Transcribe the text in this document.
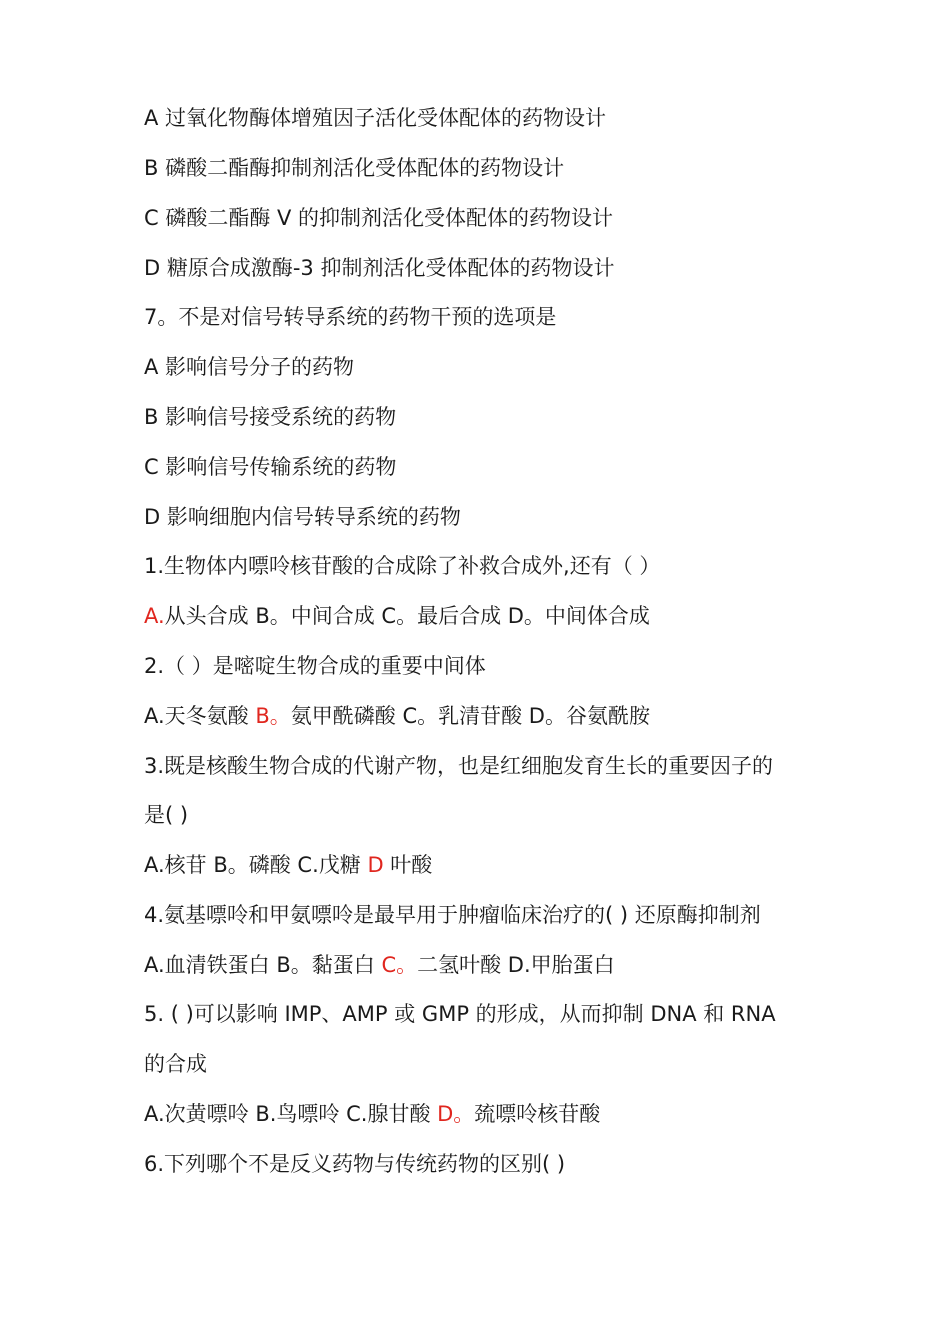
A 过氧化物酶体增殖因子活化受体配体的药物设计
B 磷酸二酯酶抑制剂活化受体配体的药物设计
C 磷酸二酯酶 V 的抑制剂活化受体配体的药物设计
D 糖原合成激酶-3 抑制剂活化受体配体的药物设计
7。不是对信号转导系统的药物干预的选项是
A 影响信号分子的药物
B 影响信号接受系统的药物
C 影响信号传输系统的药物
D 影响细胞内信号转导系统的药物
1.生物体内嘌呤核苷酸的合成除了补救合成外,还有（ ）
A.从头合成 B。中间合成 C。最后合成 D。中间体合成
2.（ ）是嘧啶生物合成的重要中间体
A.天冬氨酸 B。氨甲酰磷酸 C。乳清苷酸 D。谷氨酰胺
3.既是核酸生物合成的代谢产物，也是红细胞发育生长的重要因子的
是( )
A.核苷 B。磷酸 C.戊糖 D 叶酸
4.氨基嘌呤和甲氨嘌呤是最早用于肿瘤临床治疗的( ) 还原酶抑制剂
A.血清铁蛋白 B。黏蛋白 C。二氢叶酸 D.甲胎蛋白
5. ( )可以影响 IMP、AMP 或 GMP 的形成，从而抑制 DNA 和 RNA
的合成
A.次黄嘌呤 B.鸟嘌呤 C.腺甘酸 D。巯嘌呤核苷酸
6.下列哪个不是反义药物与传统药物的区别( )
